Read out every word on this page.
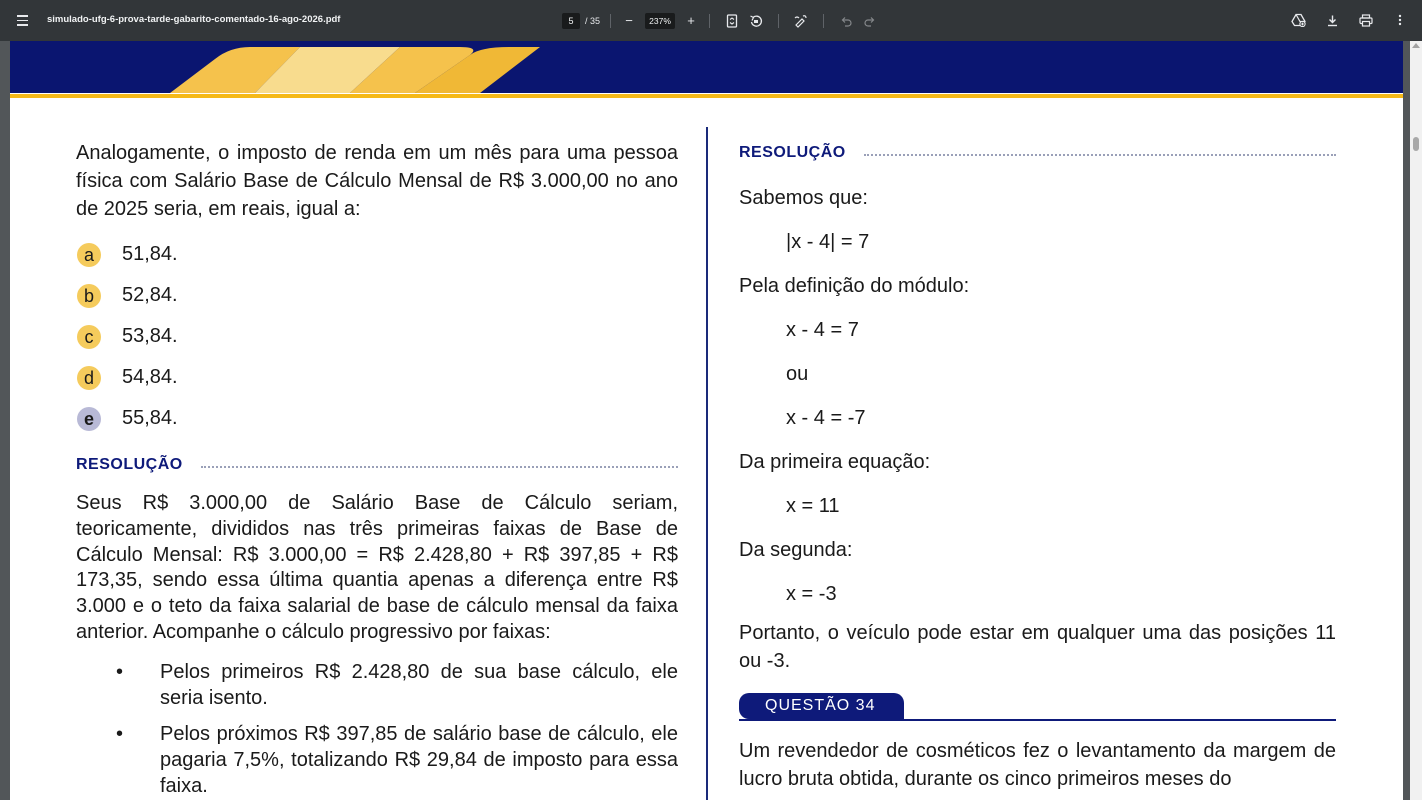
simulado-ufg-6-prova-tarde-gabarito-comentado-16-ago-2026.pdf	5	/ 35	−	237%	+

Analogamente, o imposto de renda em um mês para uma pessoa física com Salário Base de Cálculo Mensal de R$ 3.000,00 no ano de 2025 seria, em reais, igual a:

a	51,84.
b	52,84.
c	53,84.
d	54,84.
e	55,84.
RESOLUÇÃO

Seus R$ 3.000,00 de Salário Base de Cálculo seriam, teoricamente, divididos nas três primeiras faixas de Base de Cálculo Mensal: R$ 3.000,00 = R$ 2.428,80 + R$ 397,85 + R$ 173,35, sendo essa última quantia apenas a diferença entre R$ 3.000 e o teto da faixa salarial de base de cálculo mensal da faixa anterior. Acompanhe o cálculo progressivo por faixas:

•	Pelos primeiros R$ 2.428,80 de sua base cálculo, ele seria isento.
•	Pelos próximos R$ 397,85 de salário base de cálculo, ele pagaria 7,5%, totalizando R$ 29,84 de imposto para essa faixa.
RESOLUÇÃO
Sabemos que:
|x - 4| = 7
Pela definição do módulo:
x - 4 = 7
ou
x - 4 = -7
Da primeira equação:
x = 11
Da segunda:
x = -3

Portanto, o veículo pode estar em qualquer uma das posições 11 ou -3.

QUESTÃO 34

Um revendedor de cosméticos fez o levantamento da margem de lucro bruta obtida, durante os cinco primeiros meses do
